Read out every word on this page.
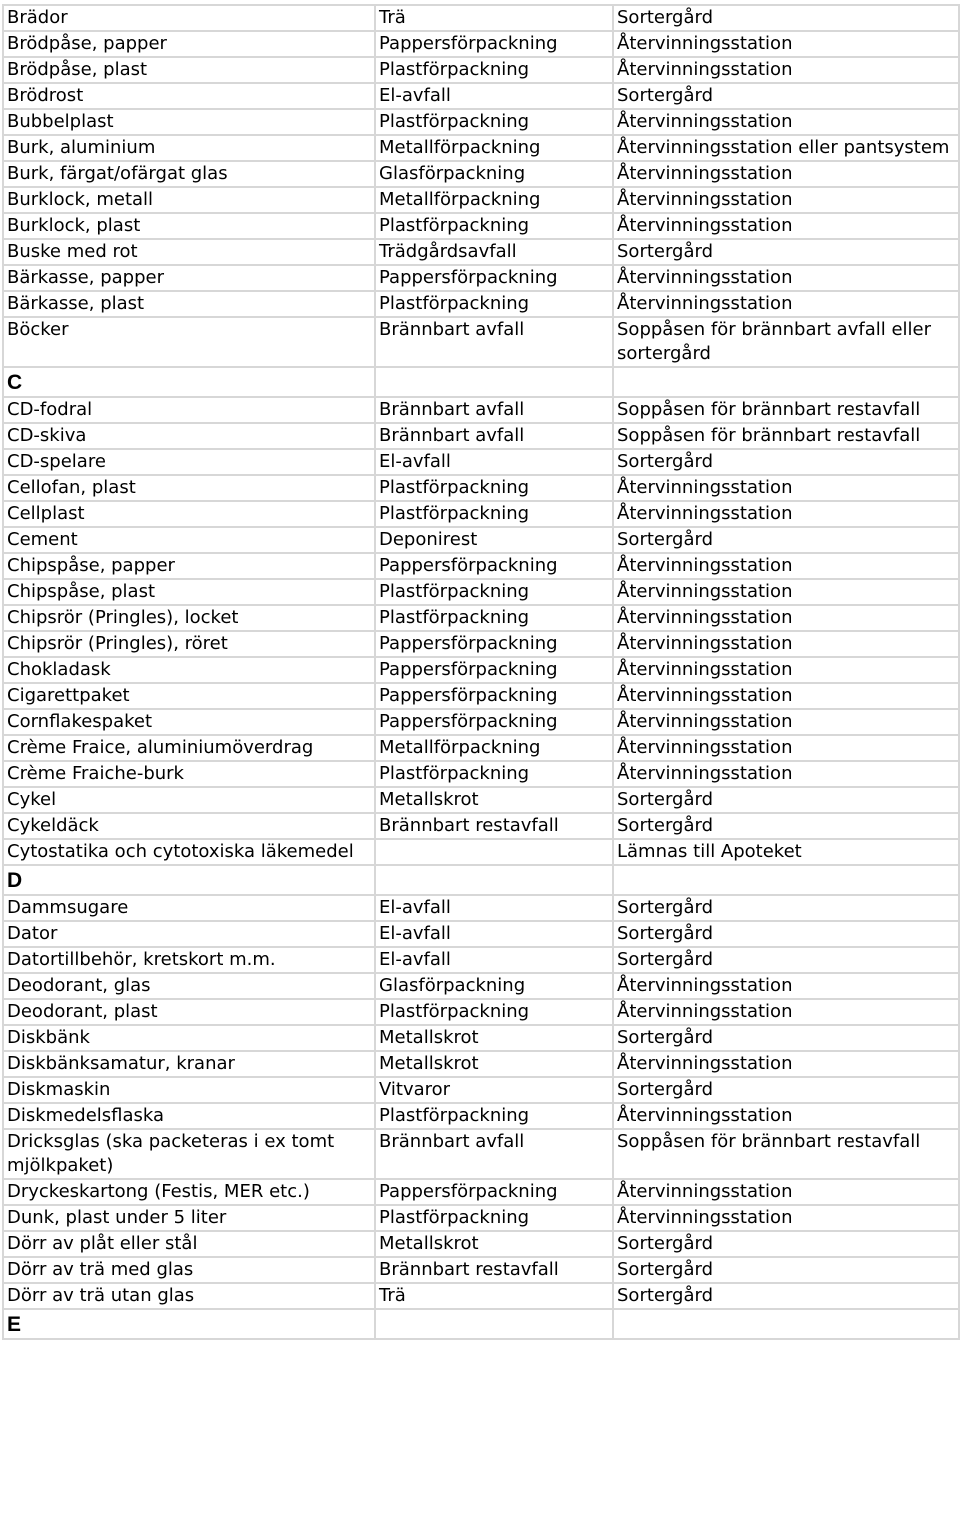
Brädor	Trä	Sortergård
Brödpåse, papper	Pappersförpackning	Återvinningsstation
Brödpåse, plast	Plastförpackning	Återvinningsstation
Brödrost	El-avfall	Sortergård
Bubbelplast	Plastförpackning	Återvinningsstation
Burk, aluminium	Metallförpackning	Återvinningsstation eller pantsystem
Burk, färgat/ofärgat glas	Glasförpackning	Återvinningsstation
Burklock, metall	Metallförpackning	Återvinningsstation
Burklock, plast	Plastförpackning	Återvinningsstation
Buske med rot	Trädgårdsavfall	Sortergård
Bärkasse, papper	Pappersförpackning	Återvinningsstation
Bärkasse, plast	Plastförpackning	Återvinningsstation
Böcker	Brännbart avfall	Soppåsen för brännbart avfall eller sortergård
C		
CD-fodral	Brännbart avfall	Soppåsen för brännbart restavfall
CD-skiva	Brännbart avfall	Soppåsen för brännbart restavfall
CD-spelare	El-avfall	Sortergård
Cellofan, plast	Plastförpackning	Återvinningsstation
Cellplast	Plastförpackning	Återvinningsstation
Cement	Deponirest	Sortergård
Chipspåse, papper	Pappersförpackning	Återvinningsstation
Chipspåse, plast	Plastförpackning	Återvinningsstation
Chipsrör (Pringles), locket	Plastförpackning	Återvinningsstation
Chipsrör (Pringles), röret	Pappersförpackning	Återvinningsstation
Chokladask	Pappersförpackning	Återvinningsstation
Cigarettpaket	Pappersförpackning	Återvinningsstation
Cornflakespaket	Pappersförpackning	Återvinningsstation
Crème Fraice, aluminiumöverdrag	Metallförpackning	Återvinningsstation
Crème Fraiche-burk	Plastförpackning	Återvinningsstation
Cykel	Metallskrot	Sortergård
Cykeldäck	Brännbart restavfall	Sortergård
Cytostatika och cytotoxiska läkemedel		Lämnas till Apoteket
D		
Dammsugare	El-avfall	Sortergård
Dator	El-avfall	Sortergård
Datortillbehör, kretskort m.m.	El-avfall	Sortergård
Deodorant, glas	Glasförpackning	Återvinningsstation
Deodorant, plast	Plastförpackning	Återvinningsstation
Diskbänk	Metallskrot	Sortergård
Diskbänksamatur, kranar	Metallskrot	Återvinningsstation
Diskmaskin	Vitvaror	Sortergård
Diskmedelsflaska	Plastförpackning	Återvinningsstation
Dricksglas (ska packeteras i ex tomt mjölkpaket)	Brännbart avfall	Soppåsen för brännbart restavfall
Dryckeskartong (Festis, MER etc.)	Pappersförpackning	Återvinningsstation
Dunk, plast under 5 liter	Plastförpackning	Återvinningsstation
Dörr av plåt eller stål	Metallskrot	Sortergård
Dörr av trä med glas	Brännbart restavfall	Sortergård
Dörr av trä utan glas	Trä	Sortergård
E		
